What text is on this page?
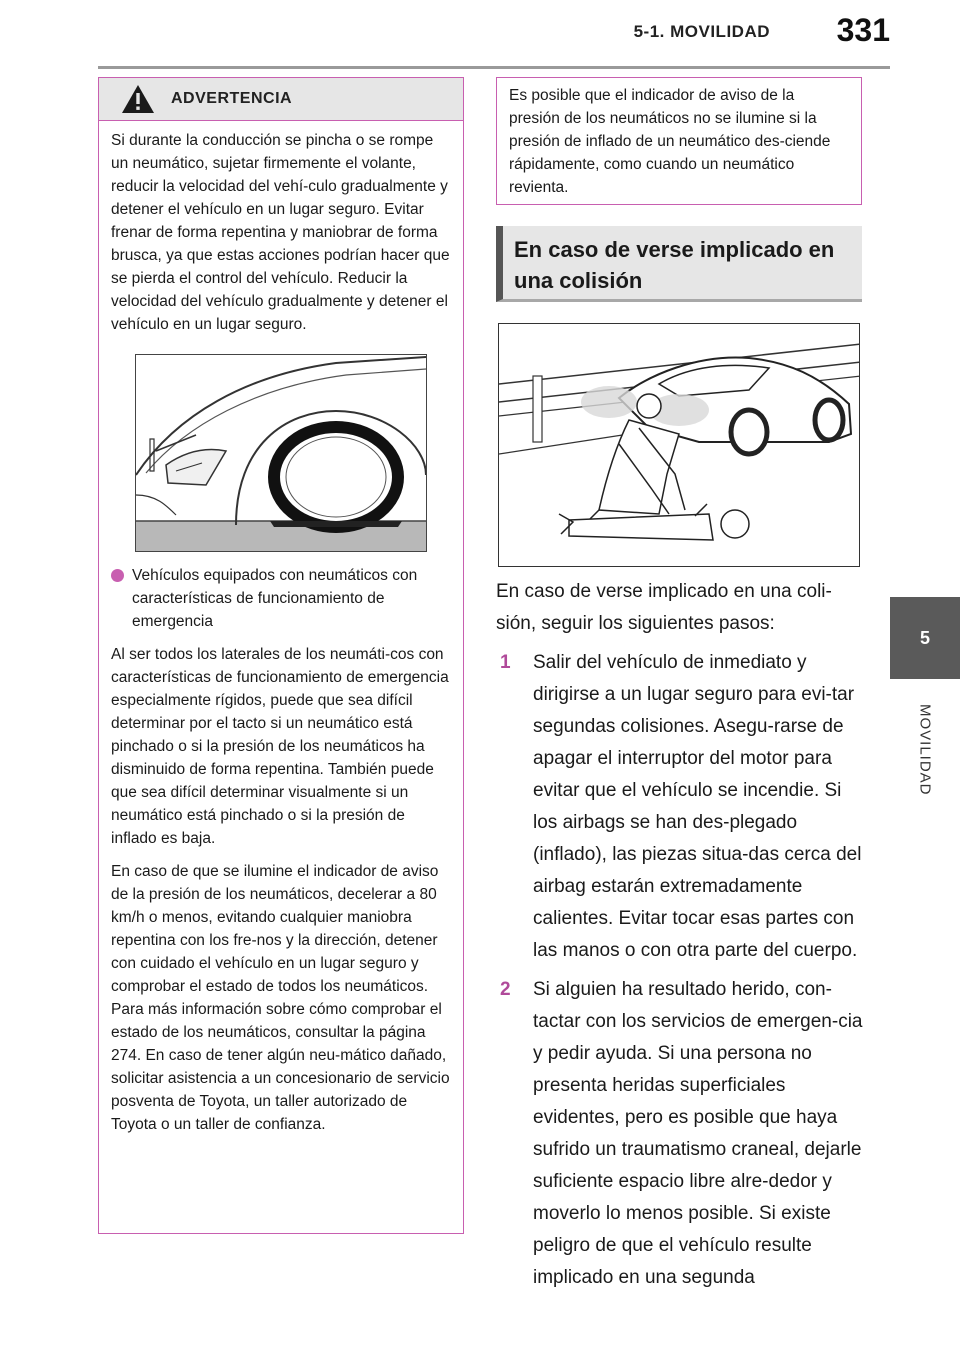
5-1. MOVILIDAD 331
5
MOVILIDAD
ADVERTENCIA

Si durante la conducción se pincha o se rompe un neumático, sujetar firmemente el volante, reducir la velocidad del vehí-culo gradualmente y detener el vehículo en un lugar seguro. Evitar frenar de forma repentina y maniobrar de forma brusca, ya que estas acciones podrían hacer que se pierda el control del vehículo. Reducir la velocidad del vehículo gradualmente y detener el vehículo en un lugar seguro.

Vehículos equipados con neumáticos con características de funcionamiento de emergencia

Al ser todos los laterales de los neumáti-cos con características de funcionamiento de emergencia especialmente rígidos, puede que sea difícil determinar por el tacto si un neumático está pinchado o si la presión de los neumáticos ha disminuido de forma repentina. También puede que sea difícil determinar visualmente si un neumático está pinchado o si la presión de inflado es baja.

En caso de que se ilumine el indicador de aviso de la presión de los neumáticos, decelerar a 80 km/h o menos, evitando cualquier maniobra repentina con los fre-nos y la dirección, detener con cuidado el vehículo en un lugar seguro y comprobar el estado de todos los neumáticos. Para más información sobre cómo comprobar el estado de los neumáticos, consultar la página 274. En caso de tener algún neu-mático dañado, solicitar asistencia a un concesionario de servicio posventa de Toyota, un taller autorizado de Toyota o un taller de confianza.

Es posible que el indicador de aviso de la presión de los neumáticos no se ilumine si la presión de inflado de un neumático des-ciende rápidamente, como cuando un neumático revienta.
En caso de verse implicado en una colisión

En caso de verse implicado en una coli-sión, seguir los siguientes pasos:

1	Salir del vehículo de inmediato y dirigirse a un lugar seguro para evi-tar segundas colisiones. Asegu-rarse de apagar el interruptor del motor para evitar que el vehículo se incendie. Si los airbags se han des-plegado (inflado), las piezas situa-das cerca del airbag estarán extremadamente calientes. Evitar tocar esas partes con las manos o con otra parte del cuerpo.
2	Si alguien ha resultado herido, con-tactar con los servicios de emergen-cia y pedir ayuda. Si una persona no presenta heridas superficiales evidentes, pero es posible que haya sufrido un traumatismo craneal, dejarle suficiente espacio libre alre-dedor y moverlo lo menos posible. Si existe peligro de que el vehículo resulte implicado en una segunda
